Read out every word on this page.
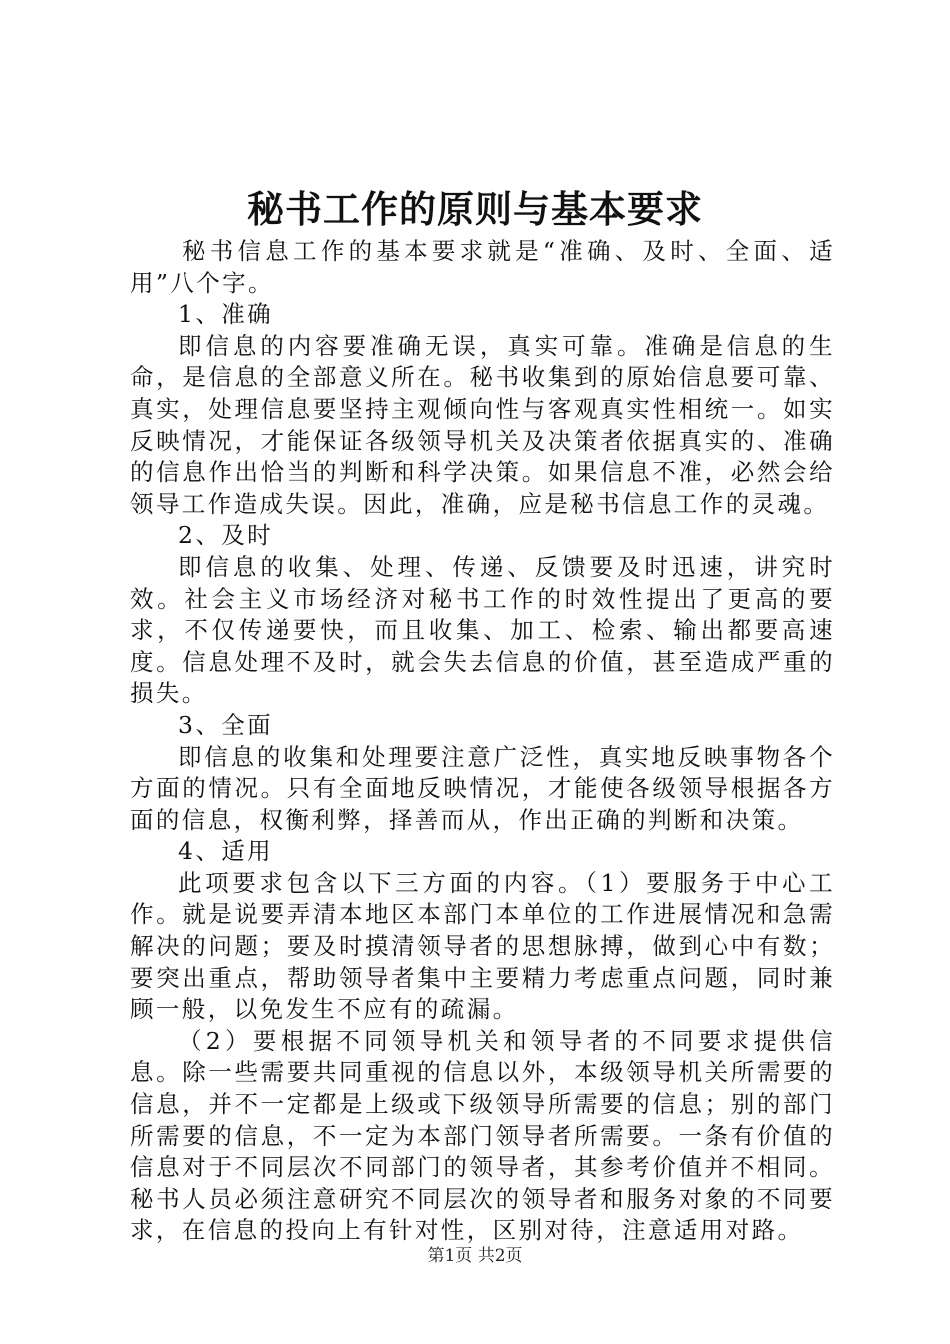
秘书工作的原则与基本要求

秘书信息工作的基本要求就是“准确、及时、全面、适用”八个字。

1、准确

即信息的内容要准确无误，真实可靠。准确是信息的生命，是信息的全部意义所在。秘书收集到的原始信息要可靠、真实，处理信息要坚持主观倾向性与客观真实性相统一。如实反映情况，才能保证各级领导机关及决策者依据真实的、准确的信息作出恰当的判断和科学决策。如果信息不准，必然会给领导工作造成失误。因此，准确，应是秘书信息工作的灵魂。

2、及时

即信息的收集、处理、传递、反馈要及时迅速，讲究时效。社会主义市场经济对秘书工作的时效性提出了更高的要求，不仅传递要快，而且收集、加工、检索、输出都要高速度。信息处理不及时，就会失去信息的价值，甚至造成严重的损失。

3、全面

即信息的收集和处理要注意广泛性，真实地反映事物各个方面的情况。只有全面地反映情况，才能使各级领导根据各方面的信息，权衡利弊，择善而从，作出正确的判断和决策。

4、适用

此项要求包含以下三方面的内容。（1）要服务于中心工作。就是说要弄清本地区本部门本单位的工作进展情况和急需解决的问题；要及时摸清领导者的思想脉搏，做到心中有数；要突出重点，帮助领导者集中主要精力考虑重点问题，同时兼顾一般，以免发生不应有的疏漏。

（2）要根据不同领导机关和领导者的不同要求提供信息。除一些需要共同重视的信息以外，本级领导机关所需要的信息，并不一定都是上级或下级领导所需要的信息；别的部门所需要的信息，不一定为本部门领导者所需要。一条有价值的信息对于不同层次不同部门的领导者，其参考价值并不相同。秘书人员必须注意研究不同层次的领导者和服务对象的不同要求，在信息的投向上有针对性，区别对待，注意适用对路。

第1页 共2页
